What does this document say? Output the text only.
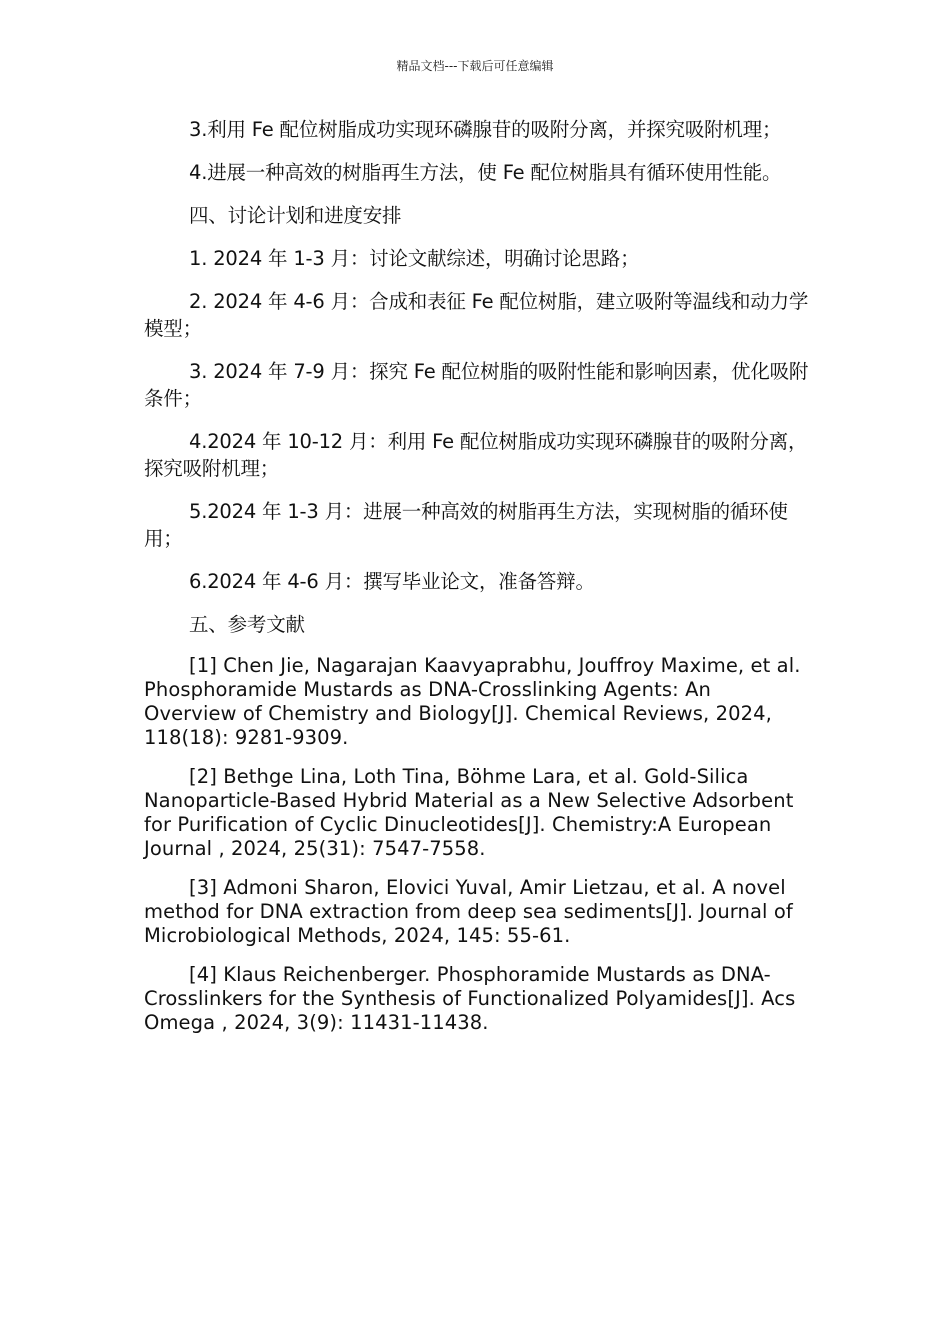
精品文档---下载后可任意编辑

3.利用 Fe 配位树脂成功实现环磷腺苷的吸附分离，并探究吸附机理；

4.进展一种高效的树脂再生方法，使 Fe 配位树脂具有循环使用性能。

四、讨论计划和进度安排

1. 2024 年 1-3 月：讨论文献综述，明确讨论思路；

2. 2024 年 4-6 月：合成和表征 Fe 配位树脂，建立吸附等温线和动力学模型；

3. 2024 年 7-9 月：探究 Fe 配位树脂的吸附性能和影响因素，优化吸附条件；

4.2024 年 10-12 月：利用 Fe 配位树脂成功实现环磷腺苷的吸附分离，探究吸附机理；

5.2024 年 1-3 月：进展一种高效的树脂再生方法，实现树脂的循环使用；

6.2024 年 4-6 月：撰写毕业论文，准备答辩。

五、参考文献

[1] Chen Jie, Nagarajan Kaavyaprabhu, Jouffroy Maxime, et al. Phosphoramide Mustards as DNA-Crosslinking Agents: An Overview of Chemistry and Biology[J]. Chemical Reviews, 2024, 118(18): 9281-9309.

[2] Bethge Lina, Loth Tina, Böhme Lara, et al. Gold-Silica Nanoparticle-Based Hybrid Material as a New Selective Adsorbent for Purification of Cyclic Dinucleotides[J]. Chemistry:A European Journal , 2024, 25(31): 7547-7558.

[3] Admoni Sharon, Elovici Yuval, Amir Lietzau, et al. A novel method for DNA extraction from deep sea sediments[J]. Journal of Microbiological Methods, 2024, 145: 55-61.

[4] Klaus Reichenberger. Phosphoramide Mustards as DNA-Crosslinkers for the Synthesis of Functionalized Polyamides[J]. Acs Omega , 2024, 3(9): 11431-11438.
